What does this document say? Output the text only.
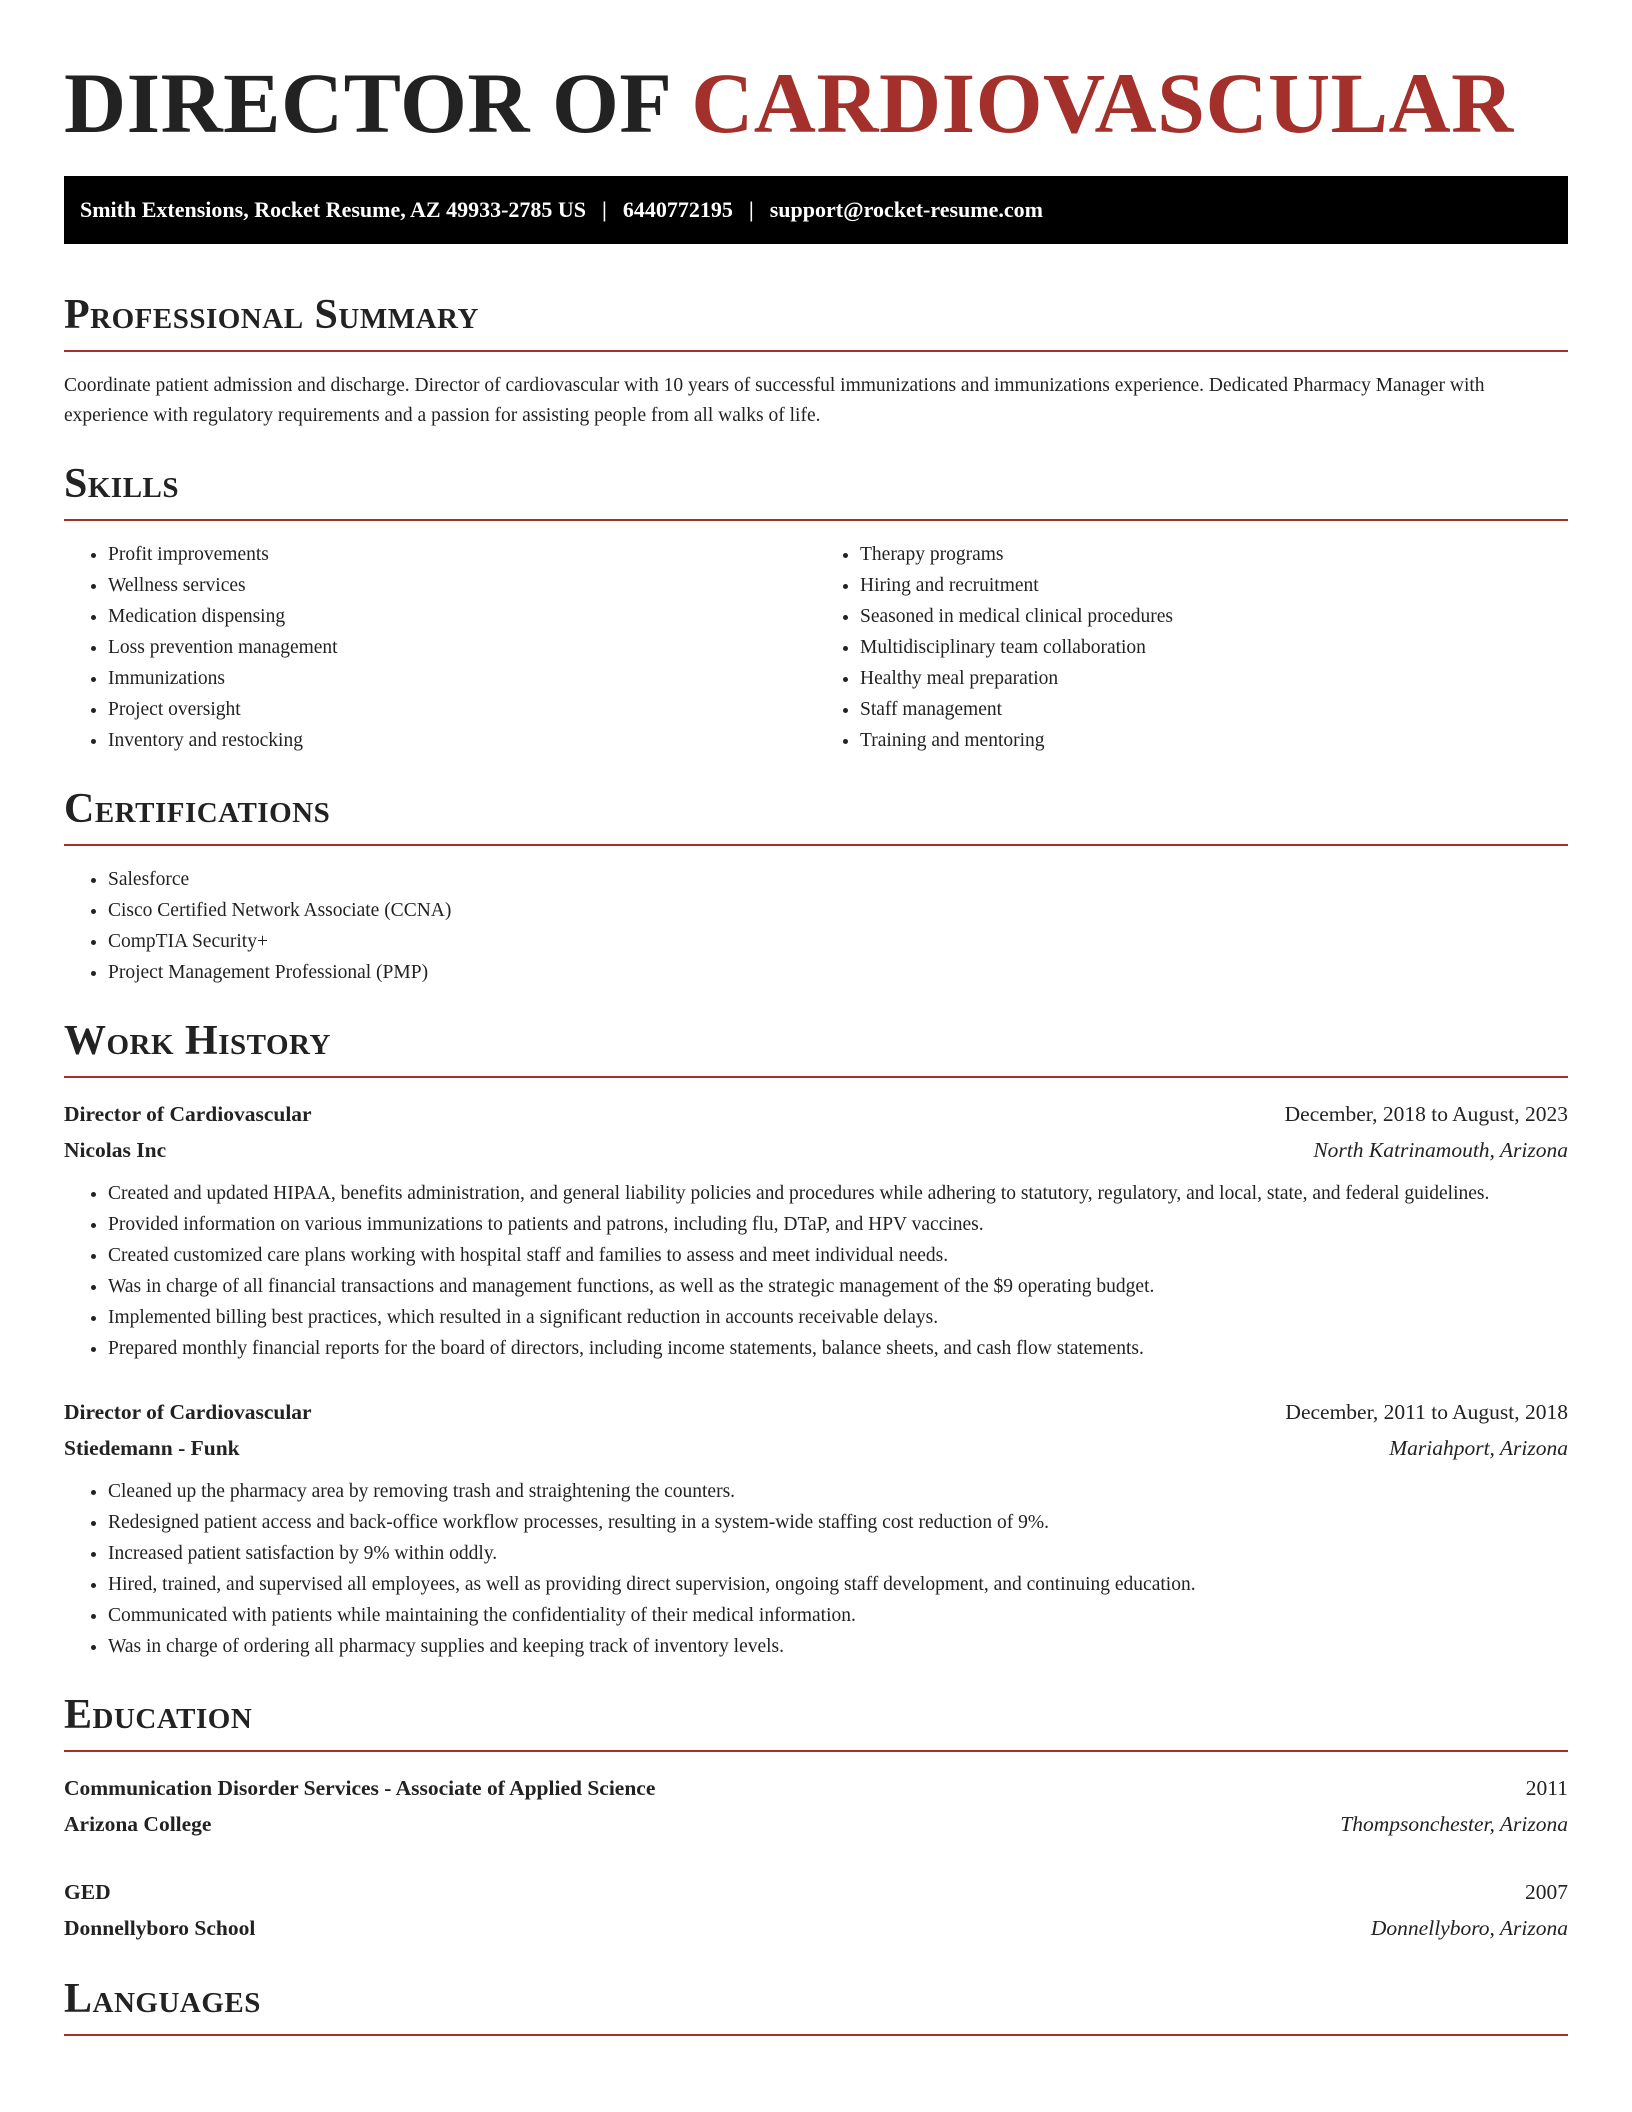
DIRECTOR OF CARDIOVASCULAR
Smith Extensions, Rocket Resume, AZ 49933-2785 US | 6440772195 | support@rocket-resume.com
Professional Summary

Coordinate patient admission and discharge. Director of cardiovascular with 10 years of successful immunizations and immunizations experience. Dedicated Pharmacy Manager with experience with regulatory requirements and a passion for assisting people from all walks of life.

Skills
• Profit improvements
• Wellness services
• Medication dispensing
• Loss prevention management
• Immunizations
• Project oversight
• Inventory and restocking
• Therapy programs
• Hiring and recruitment
• Seasoned in medical clinical procedures
• Multidisciplinary team collaboration
• Healthy meal preparation
• Staff management
• Training and mentoring
Certifications
• Salesforce
• Cisco Certified Network Associate (CCNA)
• CompTIA Security+
• Project Management Professional (PMP)
Work History
Director of Cardiovascular	December, 2018 to August, 2023
Nicolas Inc	North Katrinamouth, Arizona
• Created and updated HIPAA, benefits administration, and general liability policies and procedures while adhering to statutory, regulatory, and local, state, and federal guidelines.
• Provided information on various immunizations to patients and patrons, including flu, DTaP, and HPV vaccines.
• Created customized care plans working with hospital staff and families to assess and meet individual needs.
• Was in charge of all financial transactions and management functions, as well as the strategic management of the $9 operating budget.
• Implemented billing best practices, which resulted in a significant reduction in accounts receivable delays.
• Prepared monthly financial reports for the board of directors, including income statements, balance sheets, and cash flow statements.
Director of Cardiovascular	December, 2011 to August, 2018
Stiedemann - Funk	Mariahport, Arizona
• Cleaned up the pharmacy area by removing trash and straightening the counters.
• Redesigned patient access and back-office workflow processes, resulting in a system-wide staffing cost reduction of 9%.
• Increased patient satisfaction by 9% within oddly.
• Hired, trained, and supervised all employees, as well as providing direct supervision, ongoing staff development, and continuing education.
• Communicated with patients while maintaining the confidentiality of their medical information.
• Was in charge of ordering all pharmacy supplies and keeping track of inventory levels.
Education
Communication Disorder Services - Associate of Applied Science	2011
Arizona College	Thompsonchester, Arizona
GED	2007
Donnellyboro School	Donnellyboro, Arizona
Languages
